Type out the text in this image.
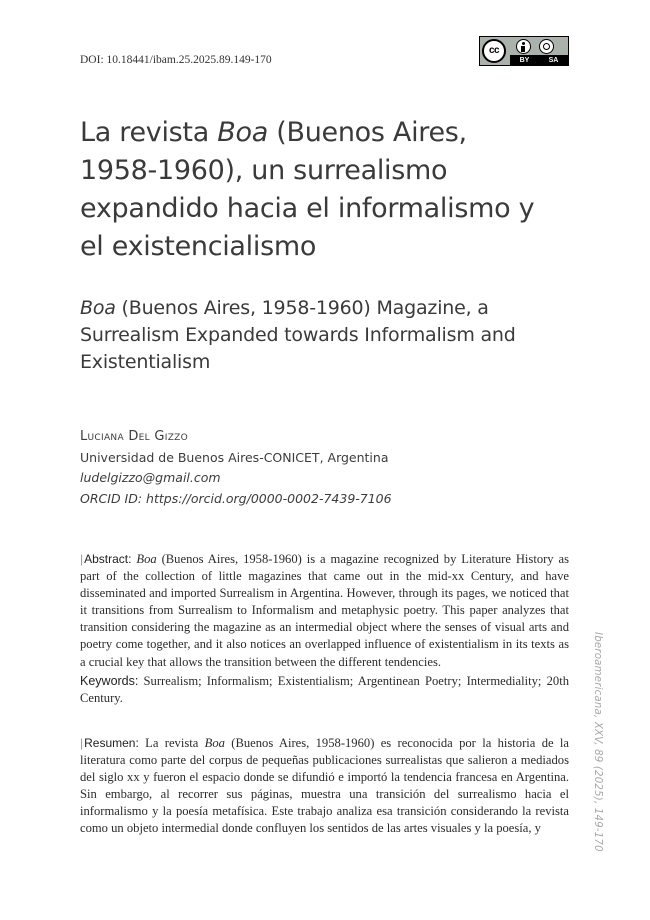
DOI: 10.18441/ibam.25.2025.89.149-170
cc
BY	SA
La revista Boa (Buenos Aires, 1958-1960), un surrealismo expandido hacia el informalismo y el existencialismo
Boa (Buenos Aires, 1958-1960) Magazine, a Surrealism Expanded towards Informalism and Existentialism
Luciana Del Gizzo
Universidad de Buenos Aires-CONICET, Argentina
ludelgizzo@gmail.com
ORCID ID: https://orcid.org/0000-0002-7439-7106
| Abstract: Boa (Buenos Aires, 1958-1960) is a magazine recognized by Literature History as part of the collection of little magazines that came out in the mid-xx Century, and have disseminated and imported Surrealism in Argentina. However, through its pages, we noticed that it transitions from Surrealism to Informalism and metaphysic poetry. This paper analyzes that transition considering the magazine as an intermedial object where the senses of visual arts and poetry come together, and it also notices an overlapped influence of existentialism in its texts as a crucial key that allows the transition between the different tendencies.
Keywords: Surrealism; Informalism; Existentialism; Argentinean Poetry; Intermediality; 20th Century.
| Resumen: La revista Boa (Buenos Aires, 1958-1960) es reconocida por la historia de la literatura como parte del corpus de pequeñas publicaciones surrealistas que salieron a mediados del siglo xx y fueron el espacio donde se difundió e importó la tendencia francesa en Argentina. Sin embargo, al recorrer sus páginas, muestra una transición del surrealismo hacia el informalismo y la poesía metafísica. Este trabajo analiza esa transición considerando la revista como un objeto intermedial donde confluyen los sentidos de las artes visuales y la poesía, y	Iberoamericana, XXV, 89 (2025), 149-170
